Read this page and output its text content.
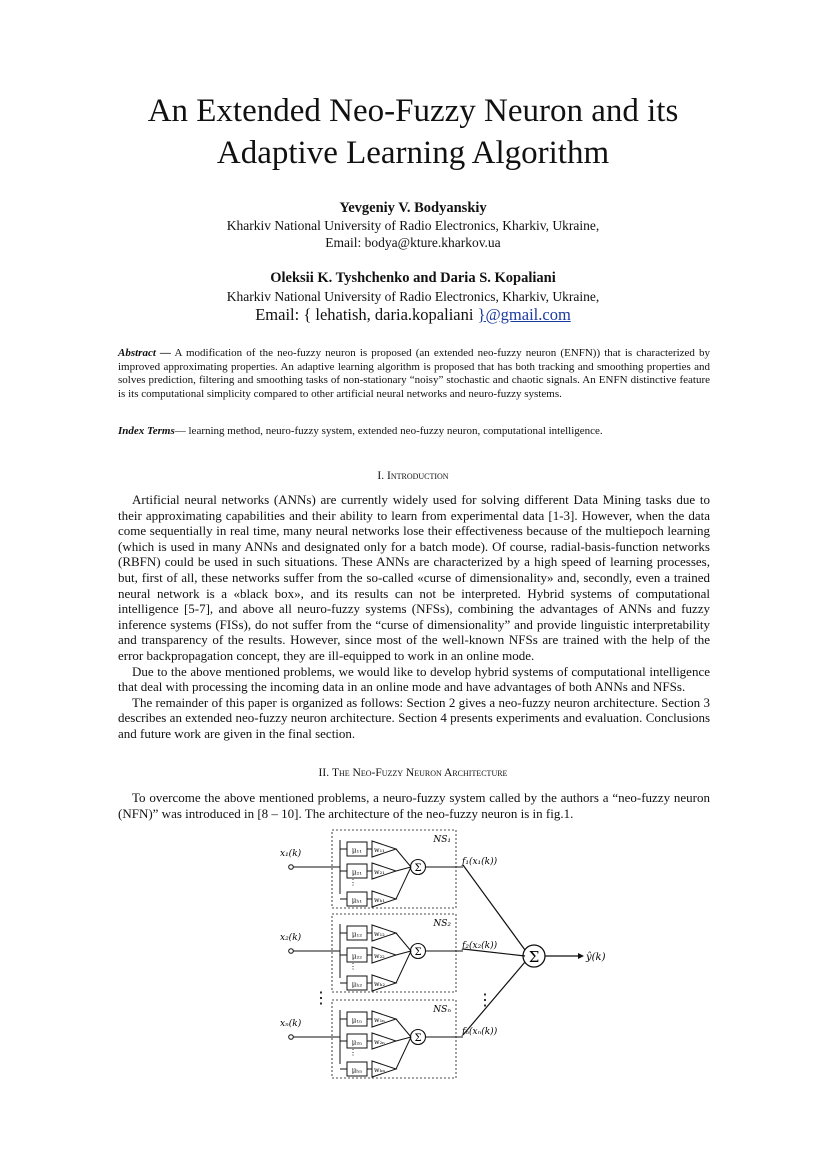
An Extended Neo-Fuzzy Neuron and its
Adaptive Learning Algorithm
Yevgeniy V. Bodyanskiy
Kharkiv National University of Radio Electronics, Kharkiv, Ukraine,
Email: bodya@kture.kharkov.ua
Oleksii K. Tyshchenko and Daria S. Kopaliani
Kharkiv National University of Radio Electronics, Kharkiv, Ukraine,
Email: { lehatish, daria.kopaliani }@gmail.com
Abstract — A modification of the neo-fuzzy neuron is proposed (an extended neo-fuzzy neuron (ENFN)) that is characterized by improved approximating properties. An adaptive learning algorithm is proposed that has both tracking and smoothing properties and solves prediction, filtering and smoothing tasks of non-stationary “noisy” stochastic and chaotic signals. An ENFN distinctive feature is its computational simplicity compared to other artificial neural networks and neuro-fuzzy systems.
Index Terms— learning method, neuro-fuzzy system, extended neo-fuzzy neuron, computational intelligence.
I. Introduction

Artificial neural networks (ANNs) are currently widely used for solving different Data Mining tasks due to their approximating capabilities and their ability to learn from experimental data [1-3]. However, when the data come sequentially in real time, many neural networks lose their effectiveness because of the multiepoch learning (which is used in many ANNs and designated only for a batch mode). Of course, radial-basis-function networks (RBFN) could be used in such situations. These ANNs are characterized by a high speed of learning processes, but, first of all, these networks suffer from the so-called «curse of dimensionality» and, secondly, even a trained neural network is a «black box», and its results can not be interpreted. Hybrid systems of computational intelligence [5-7], and above all neuro-fuzzy systems (NFSs), combining the advantages of ANNs and fuzzy inference systems (FISs), do not suffer from the “curse of dimensionality” and provide linguistic interpretability and transparency of the results. However, since most of the well-known NFSs are trained with the help of the error backpropagation concept, they are ill-equipped to work in an online mode.

Due to the above mentioned problems, we would like to develop hybrid systems of computational intelligence that deal with processing the incoming data in an online mode and have advantages of both ANNs and NFSs.

The remainder of this paper is organized as follows: Section 2 gives a neo-fuzzy neuron architecture. Section 3 describes an extended neo-fuzzy neuron architecture. Section 4 presents experiments and evaluation. Conclusions and future work are given in the final section.

II. The Neo-Fuzzy Neuron Architecture

To overcome the above mentioned problems, a neuro-fuzzy system called by the authors a “neo-fuzzy neuron (NFN)” was introduced in [8 – 10]. The architecture of the neo-fuzzy neuron is in fig.1.

NS₁
x₁(k)	μ₁₁ w₁₁
μ₂₁ w₂₁
μₕ₁ wₕ₁
⋮
Σ
f₁(x₁(k))
NS₂
x₂(k)	μ₁₂ w₁₂
μ₂₂ w₂₂
μₕ₂ wₕ₂
⋮
Σ
f₂(x₂(k))
NSₙ
xₙ(k)	μ₁ₙ w₁ₙ
μ₂ₙ w₂ₙ
μₕₙ wₕₙ
⋮
Σ
fₙ(xₙ(k))
Σ	ŷ(k)
⋮	⋮
